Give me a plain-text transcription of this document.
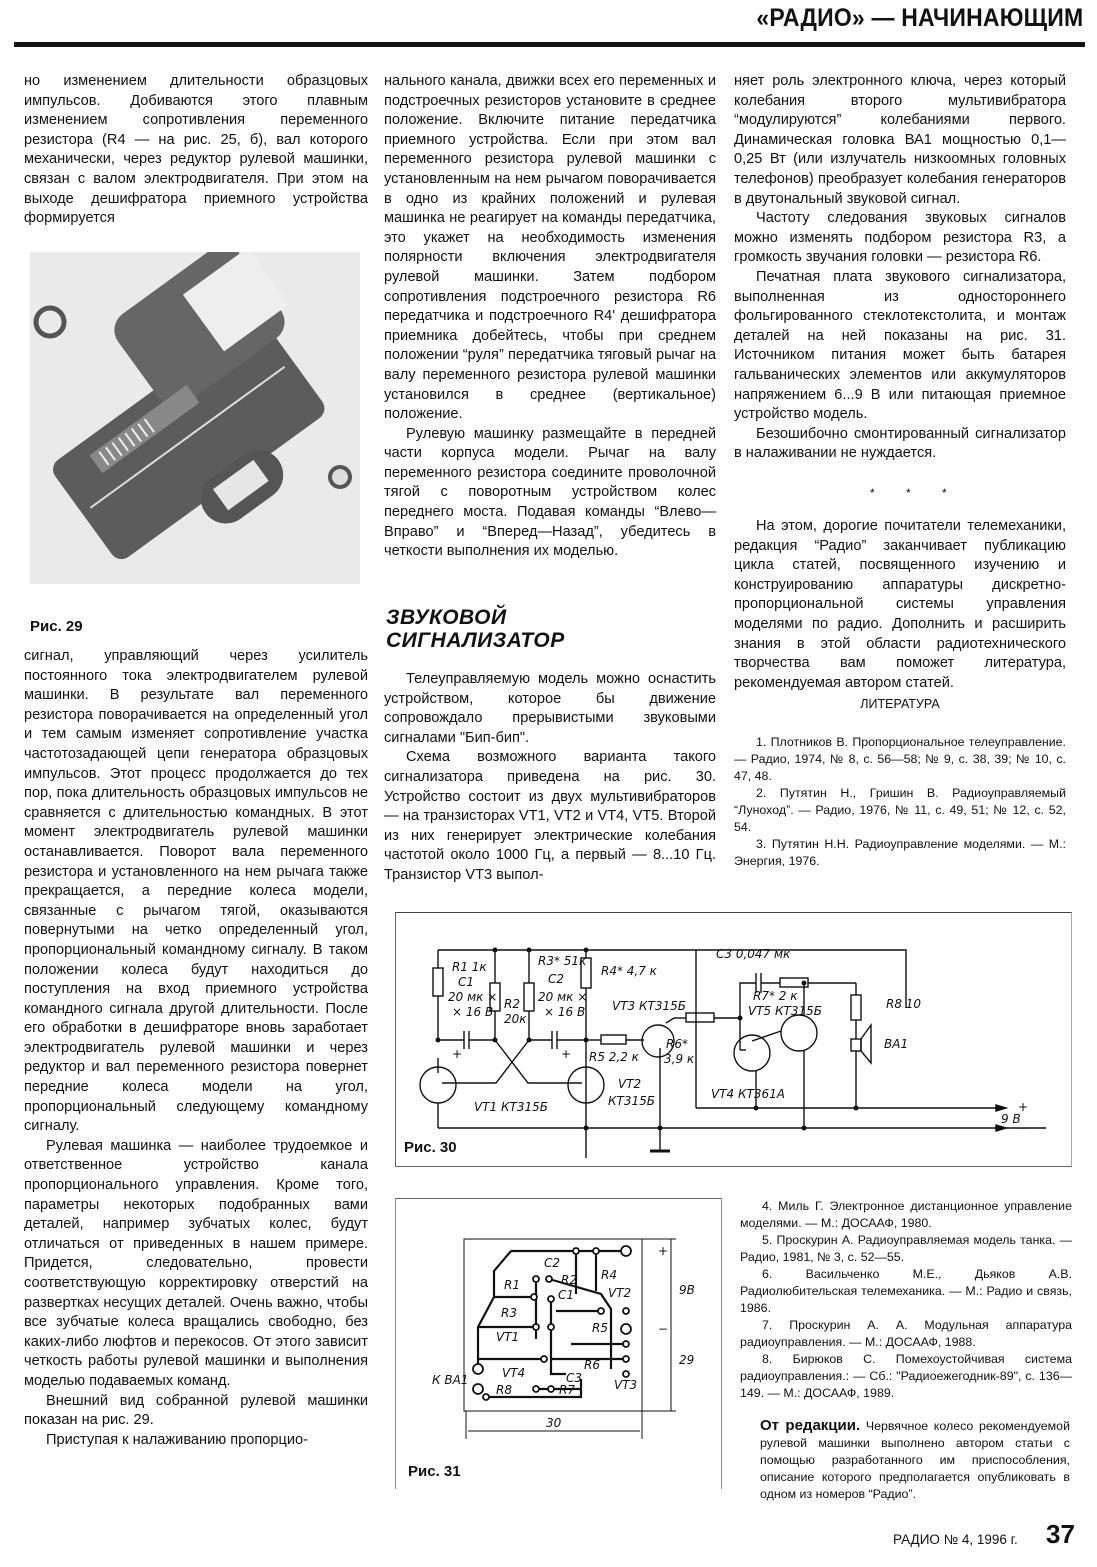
«РАДИО» — НАЧИНАЮЩИМ

но изменением длительности образцовых импульсов. Добиваются этого плавным изменением сопротивления переменного резистора (R4 — на рис. 25, б), вал которого механически, через редуктор рулевой машинки, связан с валом электродвигателя. При этом на выходе дешифратора приемного устройства формируется

Рис. 29

сигнал, управляющий через усилитель постоянного тока электродвигателем рулевой машинки. В результате вал переменного резистора поворачивается на определенный угол и тем самым изменяет сопротивление участка частотозадающей цепи генератора образцовых импульсов. Этот процесс продолжается до тех пор, пока длительность образцовых импульсов не сравняется с длительностью командных. В этот момент электродвигатель рулевой машинки останавливается. Поворот вала переменного резистора и установленного на нем рычага также прекращается, а передние колеса модели, связанные с рычагом тягой, оказываются повернутыми на четко определенный угол, пропорциональный командному сигналу. В таком положении колеса будут находиться до поступления на вход приемного устройства командного сигнала другой длительности. После его обработки в дешифраторе вновь заработает электродвигатель рулевой машинки и через редуктор и вал переменного резистора повернет передние колеса модели на угол, пропорциональный следующему командному сигналу.

Рулевая машинка — наиболее трудоемкое и ответственное устройство канала пропорционального управления. Кроме того, параметры некоторых подобранных вами деталей, например зубчатых колес, будут отличаться от приведенных в нашем примере. Придется, следовательно, провести соответствующую корректировку отверстий на развертках несущих деталей. Очень важно, чтобы все зубчатые колеса вращались свободно, без каких-либо люфтов и перекосов. От этого зависит четкость работы рулевой машинки и выполнения моделью подаваемых команд.

Внешний вид собранной рулевой машинки показан на рис. 29.

Приступая к налаживанию пропорцио-

нального канала, движки всех его переменных и подстроечных резисторов установите в среднее положение. Включите питание передатчика приемного устройства. Если при этом вал переменного резистора рулевой машинки с установленным на нем рычагом поворачивается в одно из крайних положений и рулевая машинка не реагирует на команды передатчика, это укажет на необходимость изменения полярности включения электродвигателя рулевой машинки. Затем подбором сопротивления подстроечного резистора R6 передатчика и подстроечного R4' дешифратора приемника добейтесь, чтобы при среднем положении “руля” передатчика тяговый рычаг на валу переменного резистора рулевой машинки установился в среднее (вертикальное) положение.

Рулевую машинку размещайте в передней части корпуса модели. Рычаг на валу переменного резистора соедините проволочной тягой с поворотным устройством колес переднего моста. Подавая команды “Влево—Вправо” и “Вперед—Назад”, убедитесь в четкости выполнения их моделью.

ЗВУКОВОЙ
СИГНАЛИЗАТОР

Телеуправляемую модель можно оснастить устройством, которое бы движение сопровождало прерывистыми звуковыми сигналами "Бип-бип".

Схема возможного варианта такого сигнализатора приведена на рис. 30. Устройство состоит из двух мультивибраторов — на транзисторах VT1, VT2 и VT4, VT5. Второй из них генерирует электрические колебания частотой около 1000 Гц, а первый — 8...10 Гц. Транзистор VT3 выпол-

няет роль электронного ключа, через который колебания второго мультивибратора “модулируются” колебаниями первого. Динамическая головка ВА1 мощностью 0,1—0,25 Вт (или излучатель низкоомных головных телефонов) преобразует колебания генераторов в двутональный звуковой сигнал.

Частоту следования звуковых сигналов можно изменять подбором резистора R3, а громкость звучания головки — резистора R6.

Печатная плата звукового сигнализатора, выполненная из одностороннего фольгированного стеклотекстолита, и монтаж деталей на ней показаны на рис. 31. Источником питания может быть батарея гальванических элементов или аккумуляторов напряжением 6...9 В или питающая приемное устройство модель.

Безошибочно смонтированный сигнализатор в налаживании не нуждается.

* * *

На этом, дорогие почитатели телемеханики, редакция “Радио” заканчивает публикацию цикла статей, посвященного изучению и конструированию аппаратуры дискретно-пропорциональной системы управления моделями по радио. Дополнить и расширить знания в этой области радиотехнического творчества вам поможет литература, рекомендуемая автором статей.

ЛИТЕРАТУРА

1. Плотников В. Пропорциональное телеуправление. — Радио, 1974, № 8, с. 56—58; № 9, с. 38, 39; № 10, с. 47, 48.

2. Путятин Н., Гришин В. Радиоуправляемый “Луноход”. — Радио, 1976, № 11, с. 49, 51; № 12, с. 52, 54.

3. Путятин Н.Н. Радиоуправление моделями. — М.: Энергия, 1976.

R1 1к
C1
20 мк ×
× 16 В
R2
20к
R3* 51к
C2
20 мк ×
× 16 В
+	+
R4* 4,7 к
VT3 КТ315Б
R5 2,2 к
VT2
КТ315Б
VT1 КТ315Б
R6*
3,9 к
C3 0,047 мк
R7* 2 к
VT5 КТ315Б	R8 10
BA1
VT4 КТ361А
+
9 В
−
Рис. 30
C2
R2 R4
R1
C1	VT2
R3
VT1
R5
VT4
R6
C3
R8	R7	VT3
30
9В
29
+
−
К ВА1
Рис. 31

4. Миль Г. Электронное дистанционное управление моделями. — М.: ДОСААФ, 1980.

5. Проскурин А. Радиоуправляемая модель танка. — Радио, 1981, № 3, с. 52—55.

6. Васильченко М.Е., Дьяков А.В. Радиолюбительская телемеханика. — М.: Радио и связь, 1986.

7. Проскурин А. А. Модульная аппаратура радиоуправления. — М.: ДОСААФ, 1988.

8. Бирюков С. Помехоустойчивая система радиоуправления.: — Сб.: "Радиоежегодник-89", с. 136—149. — М.: ДОСААФ, 1989.

От редакции. Червячное колесо рекомендуемой рулевой машинки выполнено автором статьи с помощью разработанного им приспособления, описание которого предполагается опубликовать в одном из номеров “Радио”.
РАДИО № 4, 1996 г. 37
